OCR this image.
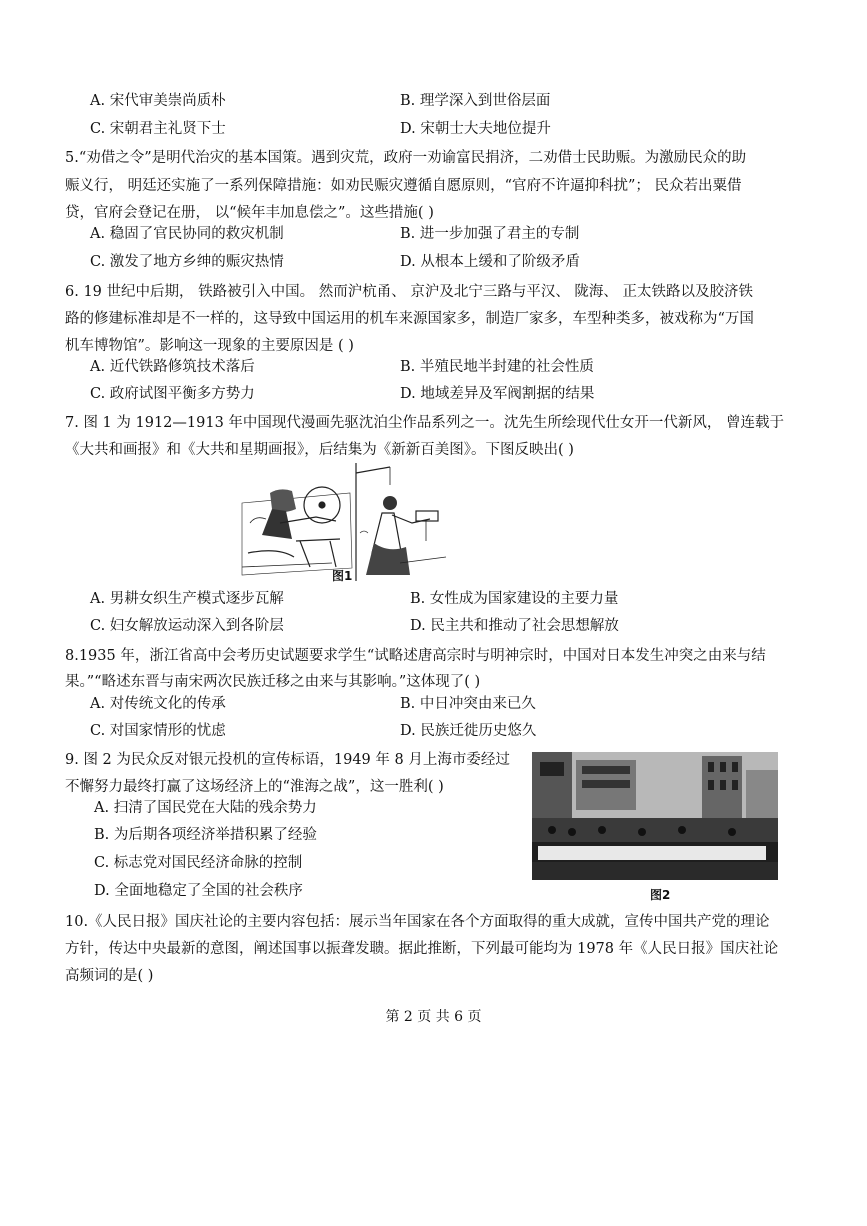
A. 宋代审美崇尚质朴	B. 理学深入到世俗层面
C. 宋朝君主礼贤下士	D. 宋朝士大夫地位提升
5.“劝借之令”是明代治灾的基本国策。遇到灾荒，政府一劝谕富民捐济，二劝借士民助赈。为激励民众的助
赈义行， 明廷还实施了一系列保障措施：如劝民赈灾遵循自愿原则，“官府不许逼抑科扰”； 民众若出粟借
贷，官府会登记在册， 以“候年丰加息偿之”。这些措施( )
A. 稳固了官民协同的救灾机制	B. 进一步加强了君主的专制
C. 激发了地方乡绅的赈灾热情	D. 从根本上缓和了阶级矛盾
6. 19 世纪中后期， 铁路被引入中国。 然而沪杭甬、 京沪及北宁三路与平汉、 陇海、 正太铁路以及胶济铁
路的修建标准却是不一样的，这导致中国运用的机车来源国家多，制造厂家多，车型种类多，被戏称为“万国
机车博物馆”。影响这一现象的主要原因是 ( )
A. 近代铁路修筑技术落后	B. 半殖民地半封建的社会性质
C. 政府试图平衡多方势力	D. 地域差异及军阀割据的结果
7. 图 1 为 1912—1913 年中国现代漫画先驱沈泊尘作品系列之一。沈先生所绘现代仕女开一代新风， 曾连载于
《大共和画报》和《大共和星期画报》，后结集为《新新百美图》。下图反映出( )
图1
A. 男耕女织生产模式逐步瓦解	B. 女性成为国家建设的主要力量
C. 妇女解放运动深入到各阶层	D. 民主共和推动了社会思想解放
8.1935 年，浙江省高中会考历史试题要求学生“试略述唐高宗时与明神宗时，中国对日本发生冲突之由来与结
果。”“略述东晋与南宋两次民族迁移之由来与其影响。”这体现了( )
A. 对传统文化的传承	B. 中日冲突由来已久
C. 对国家情形的忧虑	D. 民族迁徙历史悠久
9. 图 2 为民众反对银元投机的宣传标语，1949 年 8 月上海市委经过
不懈努力最终打赢了这场经济上的“淮海之战”，这一胜利( )
A. 扫清了国民党在大陆的残余势力
B. 为后期各项经济举措积累了经验
C. 标志党对国民经济命脉的控制
D. 全面地稳定了全国的社会秩序	图2
10.《人民日报》国庆社论的主要内容包括：展示当年国家在各个方面取得的重大成就，宣传中国共产党的理论
方针，传达中央最新的意图，阐述国事以振聋发聩。据此推断，下列最可能均为 1978 年《人民日报》国庆社论
高频词的是( )
第 2 页 共 6 页
